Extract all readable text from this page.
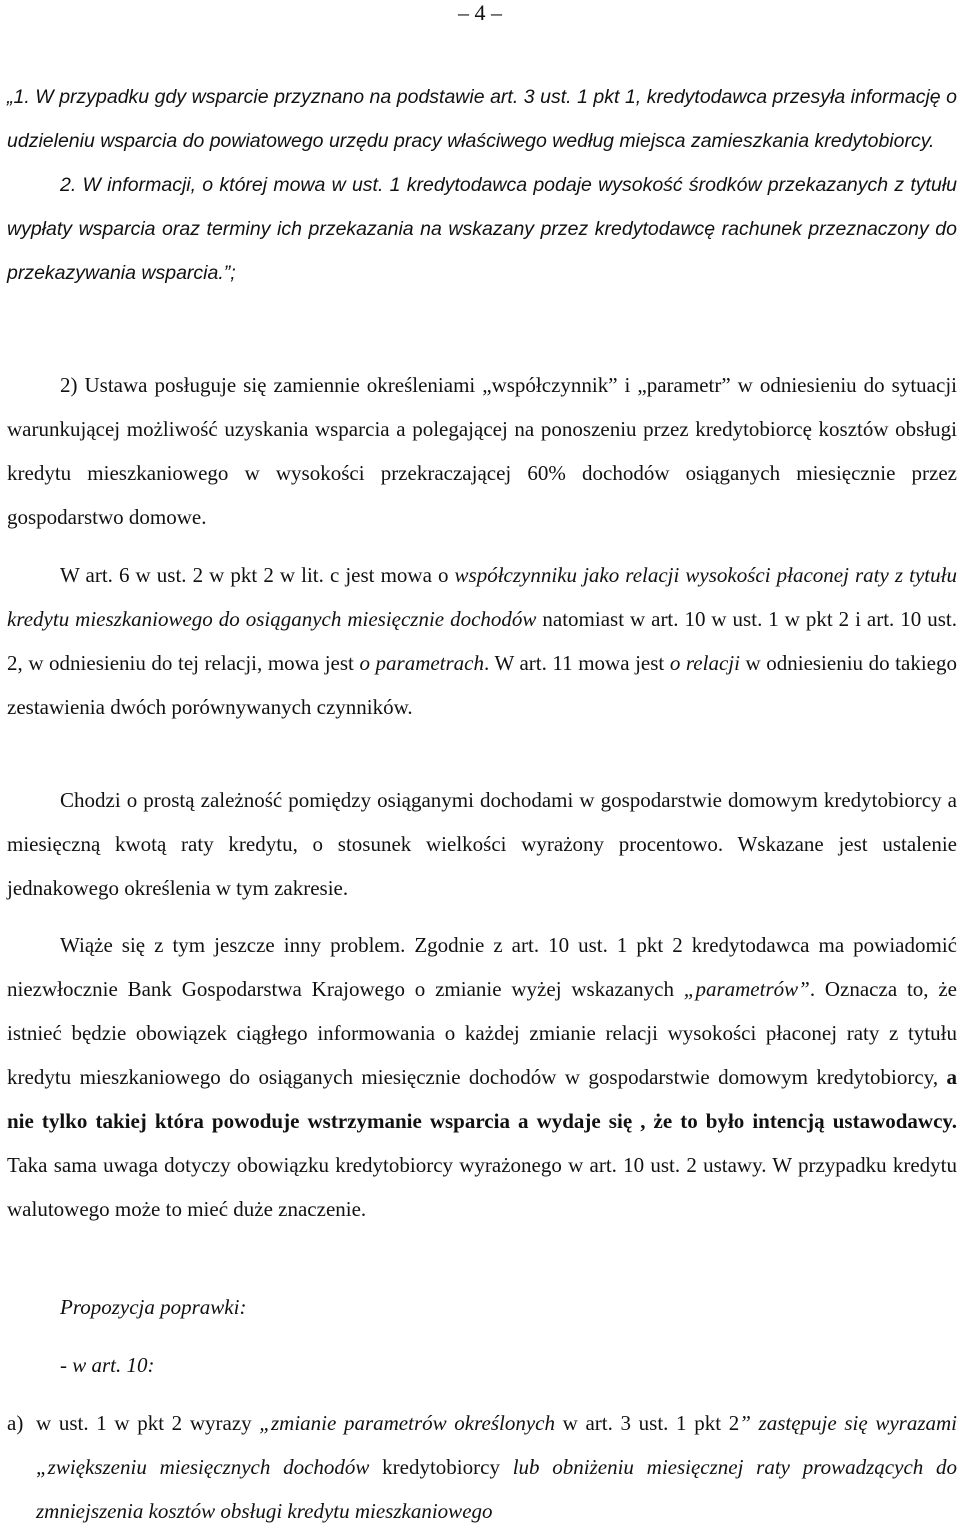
– 4 –

„1. W przypadku gdy wsparcie przyznano na podstawie art. 3 ust. 1 pkt 1, kredytodawca przesyła informację o udzieleniu wsparcia do powiatowego urzędu pracy właściwego według miejsca zamieszkania kredytobiorcy.

2. W informacji, o której mowa w ust. 1 kredytodawca podaje wysokość środków przekazanych z tytułu wypłaty wsparcia oraz terminy ich przekazania na wskazany przez kredytodawcę rachunek przeznaczony do przekazywania wsparcia.”;

2) Ustawa posługuje się zamiennie określeniami „współczynnik” i „parametr” w odniesieniu do sytuacji warunkującej możliwość uzyskania wsparcia a polegającej na ponoszeniu przez kredytobiorcę kosztów obsługi kredytu mieszkaniowego w wysokości przekraczającej 60% dochodów osiąganych miesięcznie przez gospodarstwo domowe.

W art. 6 w ust. 2 w pkt 2 w lit. c jest mowa o współczynniku jako relacji wysokości płaconej raty z tytułu kredytu mieszkaniowego do osiąganych miesięcznie dochodów natomiast w art. 10 w ust. 1 w pkt 2 i art. 10 ust. 2, w odniesieniu do tej relacji, mowa jest o parametrach. W art. 11 mowa jest o relacji w odniesieniu do takiego zestawienia dwóch porównywanych czynników.

Chodzi o prostą zależność pomiędzy osiąganymi dochodami w gospodarstwie domowym kredytobiorcy a miesięczną kwotą raty kredytu, o stosunek wielkości wyrażony procentowo. Wskazane jest ustalenie jednakowego określenia w tym zakresie.

Wiąże się z tym jeszcze inny problem. Zgodnie z art. 10 ust. 1 pkt 2 kredytodawca ma powiadomić niezwłocznie Bank Gospodarstwa Krajowego o zmianie wyżej wskazanych „parametrów”. Oznacza to, że istnieć będzie obowiązek ciągłego informowania o każdej zmianie relacji wysokości płaconej raty z tytułu kredytu mieszkaniowego do osiąganych miesięcznie dochodów w gospodarstwie domowym kredytobiorcy, a nie tylko takiej która powoduje wstrzymanie wsparcia a wydaje się , że to było intencją ustawodawcy. Taka sama uwaga dotyczy obowiązku kredytobiorcy wyrażonego w art. 10 ust. 2 ustawy. W przypadku kredytu walutowego może to mieć duże znaczenie.

Propozycja poprawki:

- w art. 10:

a) w ust. 1 w pkt 2 wyrazy „zmianie parametrów określonych w art. 3 ust. 1 pkt 2” zastępuje się wyrazami „zwiększeniu miesięcznych dochodów kredytobiorcy lub obniżeniu miesięcznej raty prowadzących do zmniejszenia kosztów obsługi kredytu mieszkaniowego
